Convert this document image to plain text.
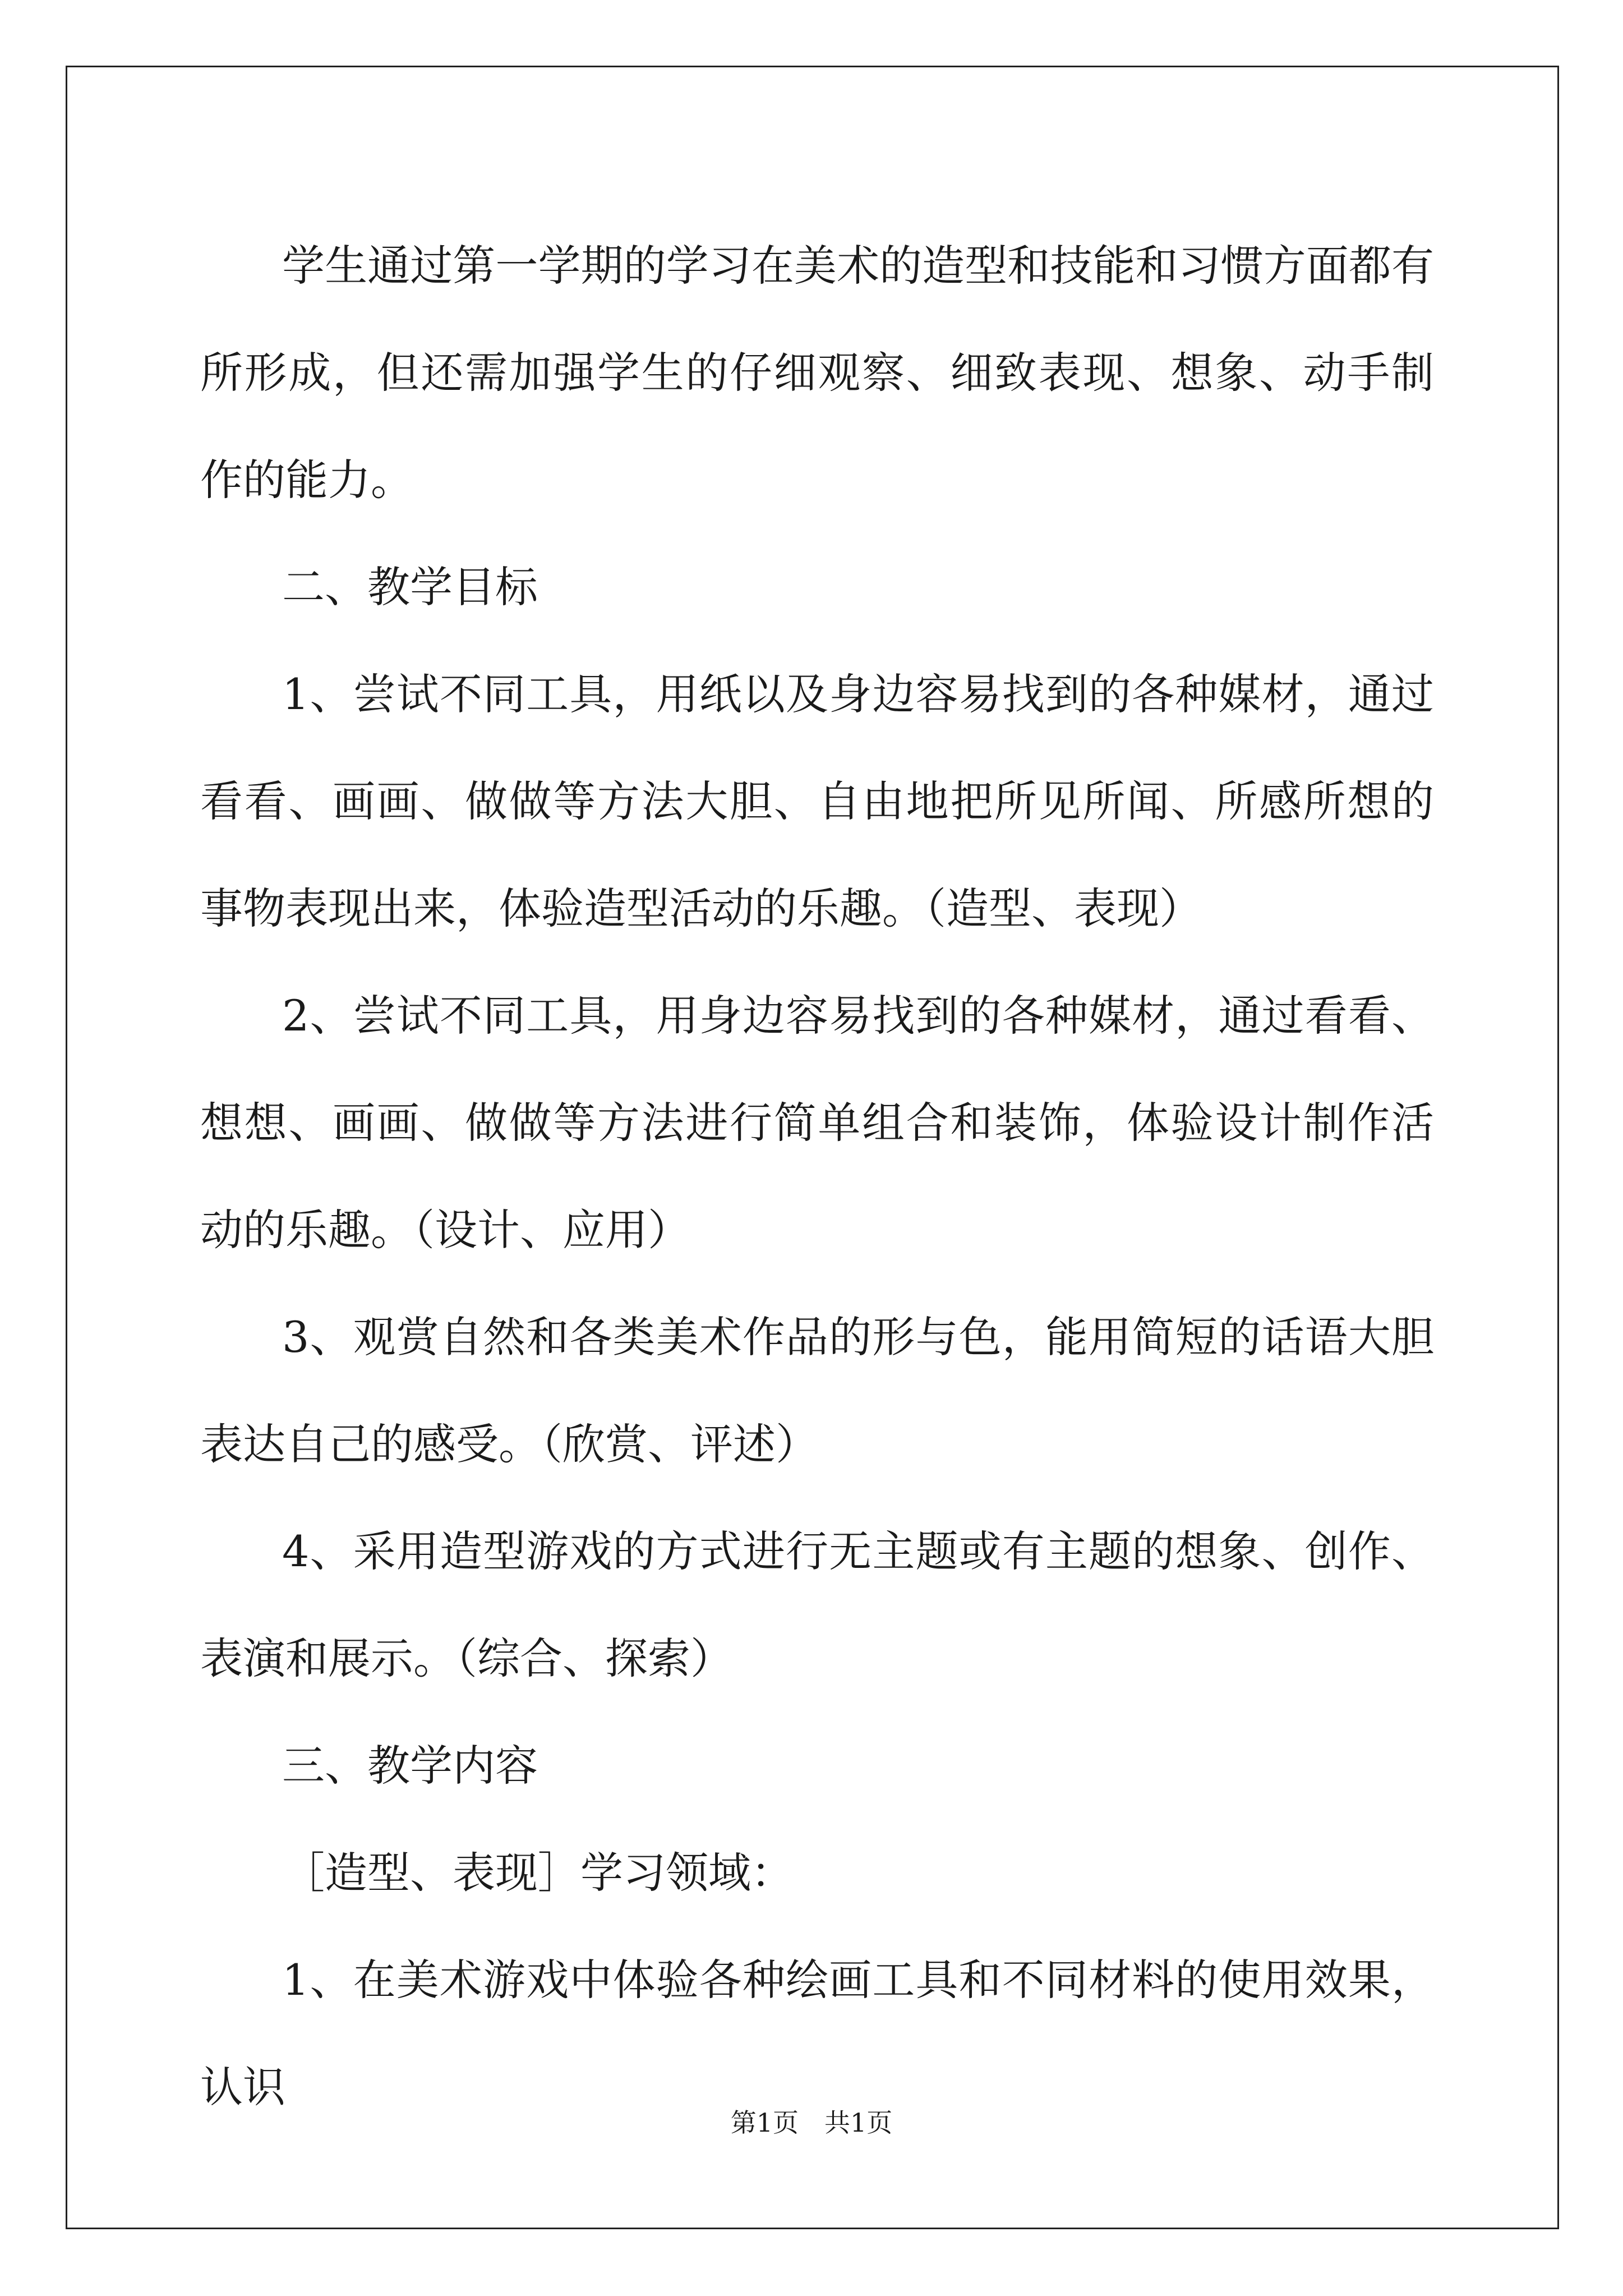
学生通过第一学期的学习在美术的造型和技能和习惯方面都有所形成，但还需加强学生的仔细观察、细致表现、想象、动手制作的能力。

二、教学目标

1、尝试不同工具，用纸以及身边容易找到的各种媒材，通过看看、画画、做做等方法大胆、自由地把所见所闻、所感所想的事物表现出来，体验造型活动的乐趣。（造型、表现）

2、尝试不同工具，用身边容易找到的各种媒材，通过看看、想想、画画、做做等方法进行简单组合和装饰，体验设计制作活动的乐趣。（设计、应用）

3、观赏自然和各类美术作品的形与色，能用简短的话语大胆表达自己的感受。（欣赏、评述）

4、采用造型游戏的方式进行无主题或有主题的想象、创作、表演和展示。（综合、探索）

三、教学内容

［造型、表现］学习领域：

1、在美术游戏中体验各种绘画工具和不同材料的使用效果，认识

第1页　共1页
